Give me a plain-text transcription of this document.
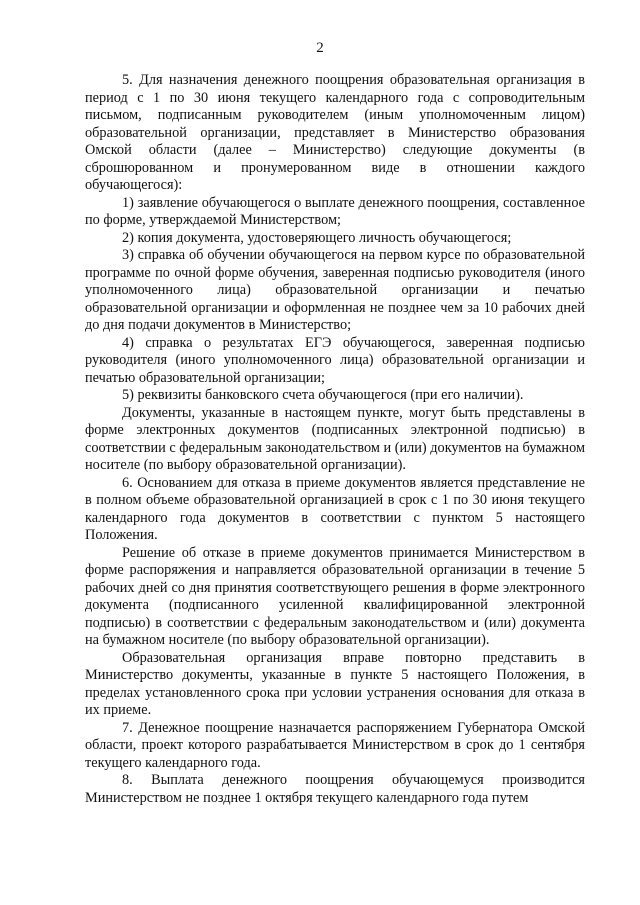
2

5. Для назначения денежного поощрения образовательная организация в период с 1 по 30 июня текущего календарного года с сопроводительным письмом, подписанным руководителем (иным уполномоченным лицом) образовательной организации, представляет в Министерство образования Омской области (далее – Министерство) следующие документы (в сброшюрованном и пронумерованном виде в отношении каждого обучающегося):

1) заявление обучающегося о выплате денежного поощрения, составленное по форме, утверждаемой Министерством;

2) копия документа, удостоверяющего личность обучающегося;

3) справка об обучении обучающегося на первом курсе по образовательной программе по очной форме обучения, заверенная подписью руководителя (иного уполномоченного лица) образовательной организации и печатью образовательной организации и оформленная не позднее чем за 10 рабочих дней до дня подачи документов в Министерство;

4) справка о результатах ЕГЭ обучающегося, заверенная подписью руководителя (иного уполномоченного лица) образовательной организации и печатью образовательной организации;

5) реквизиты банковского счета обучающегося (при его наличии).

Документы, указанные в настоящем пункте, могут быть представлены в форме электронных документов (подписанных электронной подписью) в соответствии с федеральным законодательством и (или) документов на бумажном носителе (по выбору образовательной организации).

6. Основанием для отказа в приеме документов является представление не в полном объеме образовательной организацией в срок с 1 по 30 июня текущего календарного года документов в соответствии с пунктом 5 настоящего Положения.

Решение об отказе в приеме документов принимается Министерством в форме распоряжения и направляется образовательной организации в течение 5 рабочих дней со дня принятия соответствующего решения в форме электронного документа (подписанного усиленной квалифицированной электронной подписью) в соответствии с федеральным законодательством и (или) документа на бумажном носителе (по выбору образовательной организации).

Образовательная организация вправе повторно представить в Министерство документы, указанные в пункте 5 настоящего Положения, в пределах установленного срока при условии устранения основания для отказа в их приеме.

7. Денежное поощрение назначается распоряжением Губернатора Омской области, проект которого разрабатывается Министерством в срок до 1 сентября текущего календарного года.

8. Выплата денежного поощрения обучающемуся производится Министерством не позднее 1 октября текущего календарного года путем
